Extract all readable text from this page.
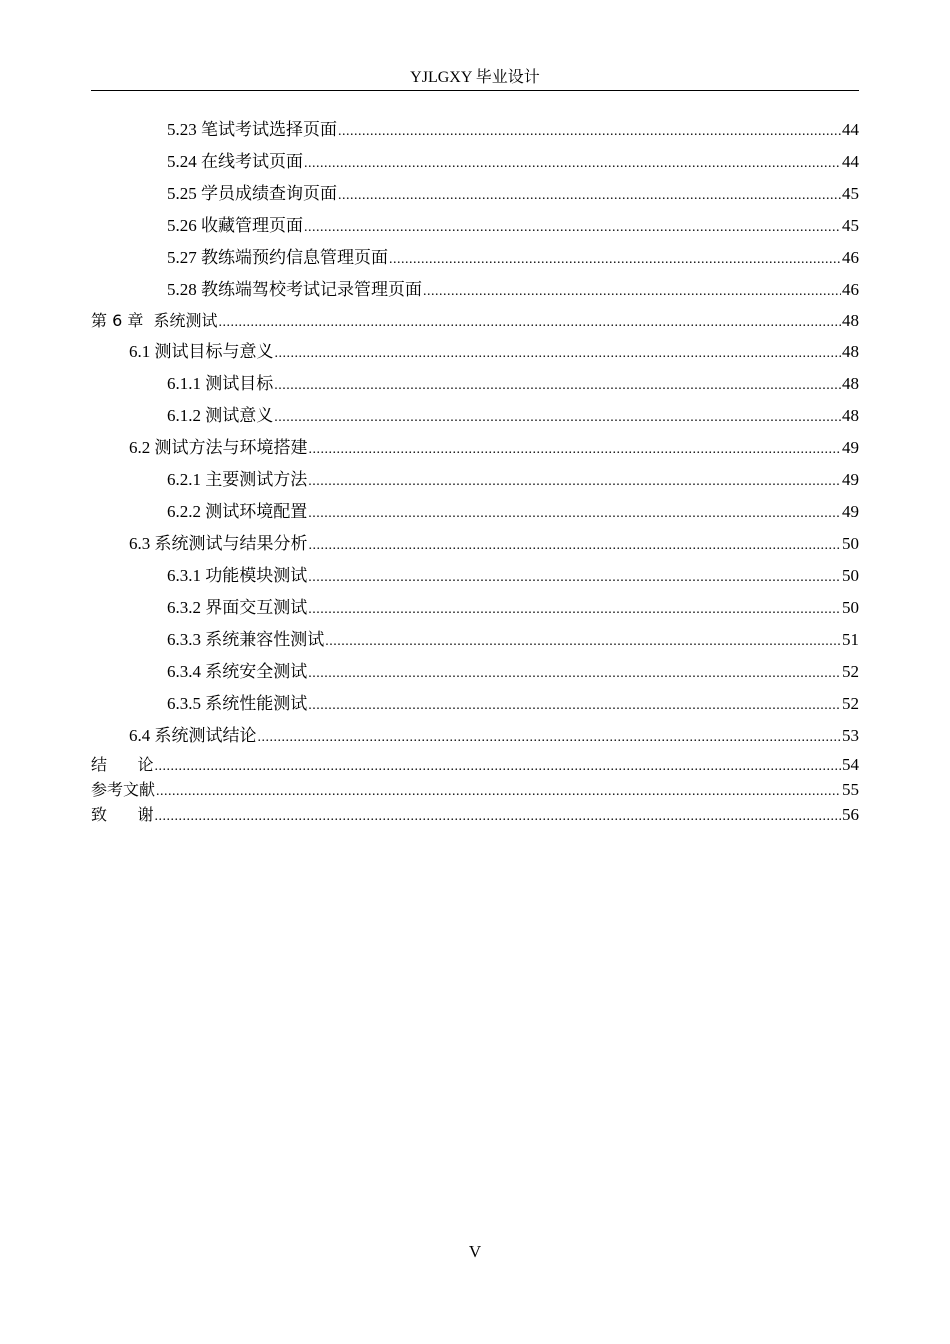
YJLGXY 毕业设计
5.23 笔试考试选择页面 .....	44
5.24 在线考试页面 .....	44
5.25 学员成绩查询页面 .....	45
5.26 收藏管理页面 .....	45
5.27 教练端预约信息管理页面 .....	46
5.28 教练端驾校考试记录管理页面 .....	46
第 6 章  系统测试 .....	48
6.1 测试目标与意义 .....	48
6.1.1 测试目标 .....	48
6.1.2 测试意义 .....	48
6.2 测试方法与环境搭建 .....	49
6.2.1 主要测试方法 .....	49
6.2.2 测试环境配置 .....	49
6.3 系统测试与结果分析 .....	50
6.3.1 功能模块测试 .....	50
6.3.2 界面交互测试 .....	50
6.3.3 系统兼容性测试 .....	51
6.3.4 系统安全测试 .....	52
6.3.5 系统性能测试 .....	52
6.4 系统测试结论 .....	53
结      论 .....	54
参考文献 .....	55
致      谢 .....	56
V
